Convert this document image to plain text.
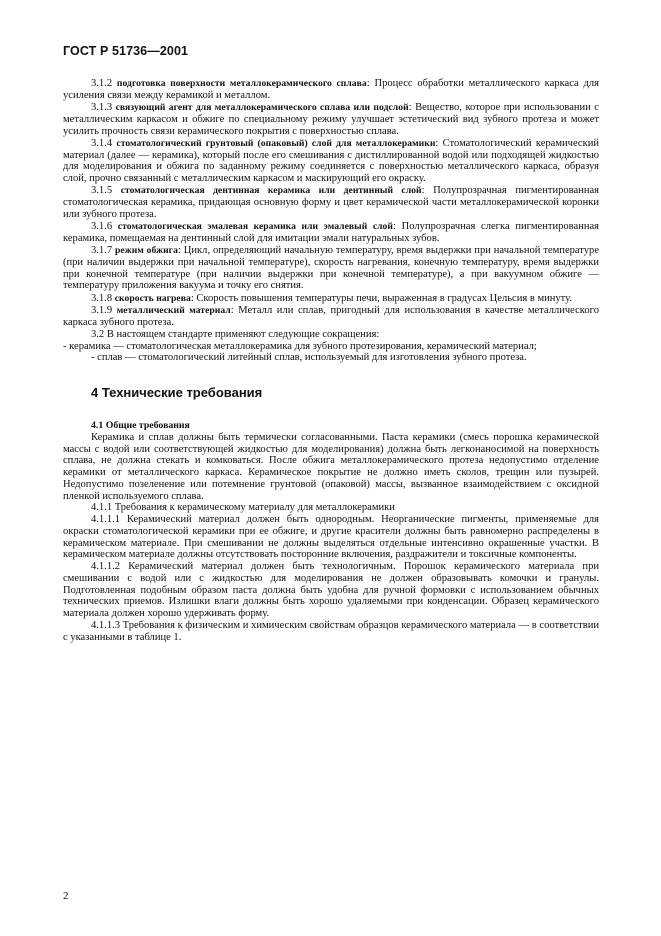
ГОСТ Р 51736—2001

3.1.2 подготовка поверхности металлокерамического сплава: Процесс обработки металлического каркаса для усиления связи между керамикой и металлом.

3.1.3 связующий агент для металлокерамического сплава или подслой: Вещество, которое при использовании с металлическим каркасом и обжиге по специальному режиму улучшает эстетический вид зубного протеза и может усилить прочность связи керамического покрытия с поверхностью сплава.

3.1.4 стоматологический грунтовый (опаковый) слой для металлокерамики: Стоматологический керамический материал (далее — керамика), который после его смешивания с дистиллированной водой или подходящей жидкостью для моделирования и обжига по заданному режиму соединяется с поверхностью металлического каркаса, образуя слой, прочно связанный с металлическим каркасом и маскирующий его окраску.

3.1.5 стоматологическая дентинная керамика или дентинный слой: Полупрозрачная пигментированная стоматологическая керамика, придающая основную форму и цвет керамической части металлокерамической коронки или зубного протеза.

3.1.6 стоматологическая эмалевая керамика или эмалевый слой: Полупрозрачная слегка пигментированная керамика, помещаемая на дентинный слой для имитации эмали натуральных зубов.

3.1.7 режим обжига: Цикл, определяющий начальную температуру, время выдержки при начальной температуре (при наличии выдержки при начальной температуре), скорость нагревания, конечную температуру, время выдержки при конечной температуре (при наличии выдержки при конечной температуре), а при вакуумном обжиге — температуру приложения вакуума и точку его снятия.

3.1.8 скорость нагрева: Скорость повышения температуры печи, выраженная в градусах Цельсия в минуту.

3.1.9 металлический материал: Металл или сплав, пригодный для использования в качестве металлического каркаса зубного протеза.

3.2 В настоящем стандарте применяют следующие сокращения:

- керамика — стоматологическая металлокерамика для зубного протезирования, керамический материал;

- сплав — стоматологический литейный сплав, используемый для изготовления зубного протеза.

4 Технические требования

4.1 Общие требования

Керамика и сплав должны быть термически согласованными. Паста керамики (смесь порошка керамической массы с водой или соответствующей жидкостью для моделирования) должна быть легконаносимой на поверхность сплава, не должна стекать и комковаться. После обжига металлокерамического протеза недопустимо отделение керамики от металлического каркаса. Керамическое покрытие не должно иметь сколов, трещин или пузырей. Недопустимо позеленение или потемнение грунтовой (опаковой) массы, вызванное взаимодействием с оксидной пленкой используемого сплава.

4.1.1 Требования к керамическому материалу для металлокерамики

4.1.1.1 Керамический материал должен быть однородным. Неорганические пигменты, применяемые для окраски стоматологической керамики при ее обжиге, и другие красители должны быть равномерно распределены в керамическом материале. При смешивании не должны выделяться отдельные интенсивно окрашенные участки. В керамическом материале должны отсутствовать посторонние включения, раздражители и токсичные компоненты.

4.1.1.2 Керамический материал должен быть технологичным. Порошок керамического материала при смешивании с водой или с жидкостью для моделирования не должен образовывать комочки и гранулы. Подготовленная подобным образом паста должна быть удобна для ручной формовки с использованием обычных технических приемов. Излишки влаги должны быть хорошо удаляемыми при конденсации. Образец керамического материала должен хорошо удерживать форму.

4.1.1.3 Требования к физическим и химическим свойствам образцов керамического материала — в соответствии с указанными в таблице 1.

2
